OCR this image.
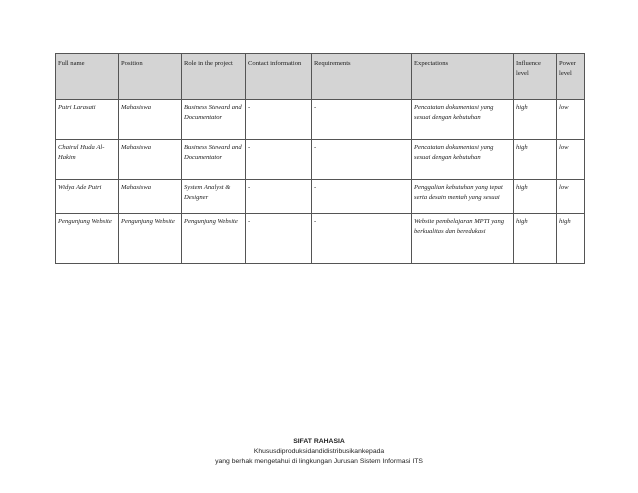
Full name	Position	Role in the project	Contact information	Requirements	Expectations	Influence level	Power level
Putri Larasati	Mahasiswa	Business Steward and Documentator	-	-	Pencatatan dokumentasi yang sesuai dengan kebutuhan	high	low
Chairul Huda Al-Hakim	Mahasiswa	Business Steward and Documentator	-	-	Pencatatan dokumentasi yang sesuai dengan kebutuhan	high	low
Widya Ade Putri	Mahasiswa	System Analyst & Designer	-	-	Penggalian kebutuhan yang tepat serta desain mentah yang sesuai	high	low
Pengunjung Website	Pengunjung Website	Pengunjung Website	-	-	Website pembelajaran MPTI yang berkualitas dan beredukasi	high	high
SIFAT RAHASIA
Khususdiproduksidandidistribusikankepada
yang berhak mengetahui di lingkungan Jurusan Sistem Informasi ITS
